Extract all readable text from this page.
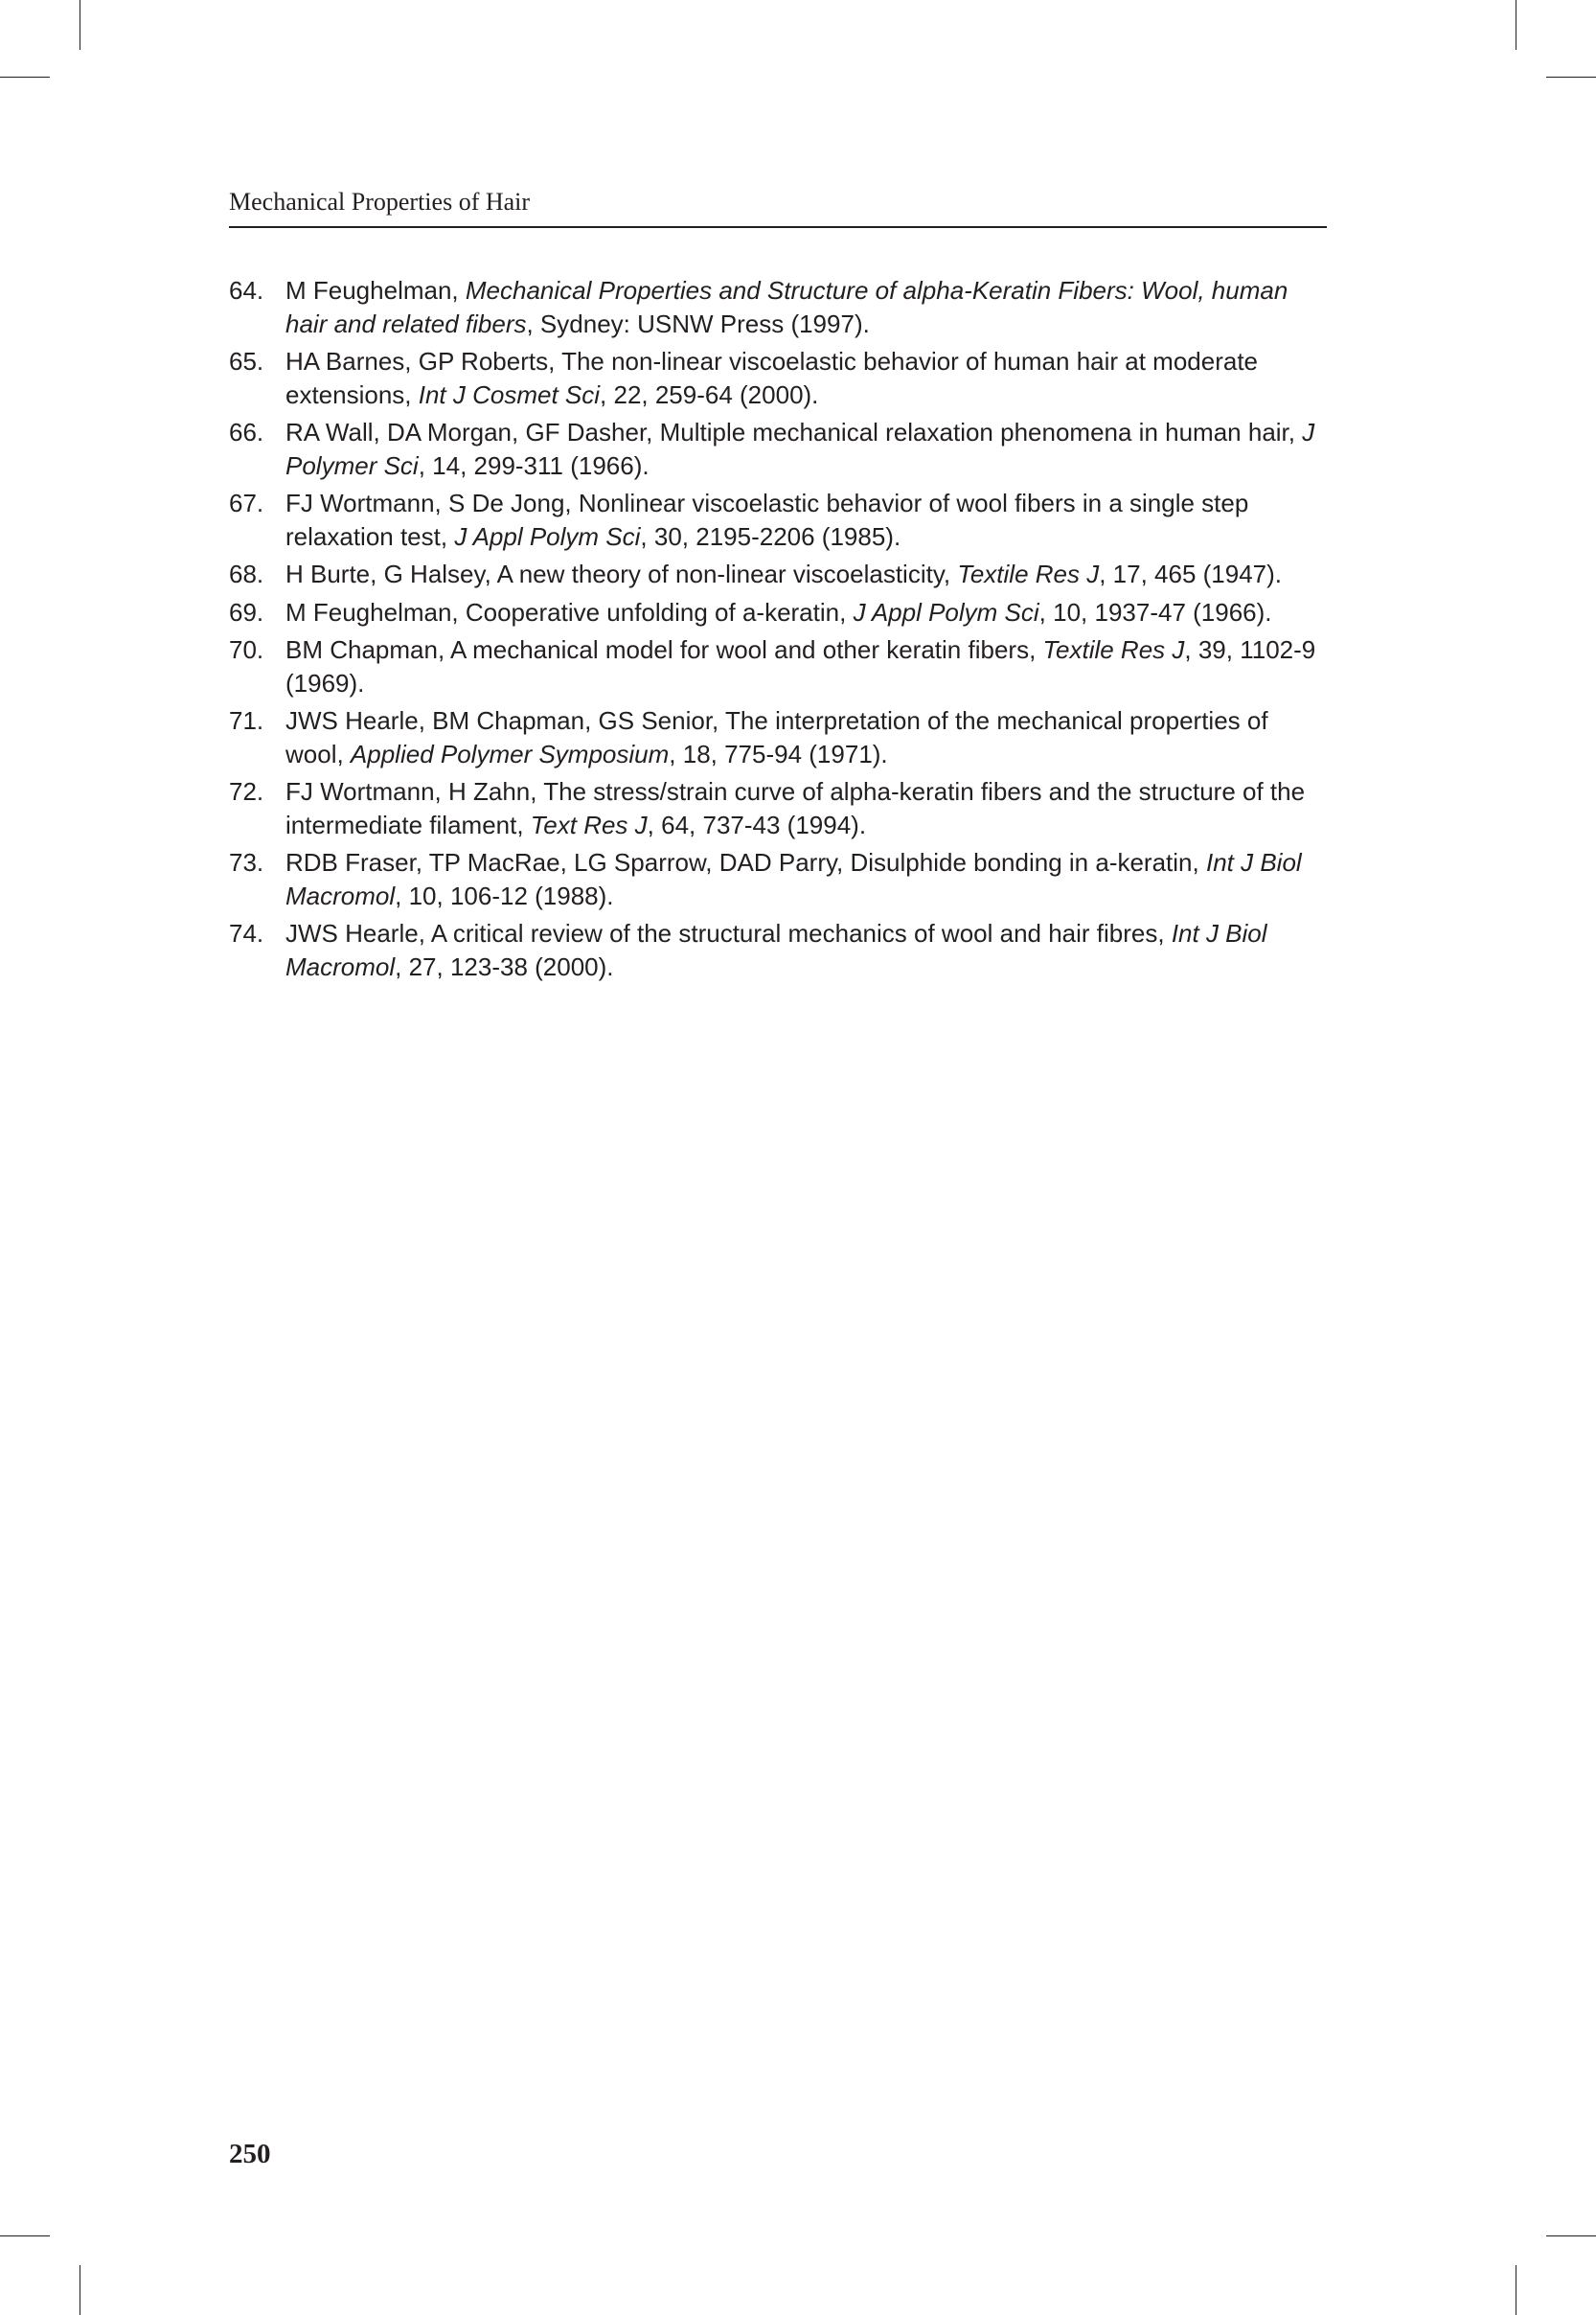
Mechanical Properties of Hair
64. M Feughelman, Mechanical Properties and Structure of alpha-Keratin Fibers: Wool, human hair and related fibers, Sydney: USNW Press (1997).
65. HA Barnes, GP Roberts, The non-linear viscoelastic behavior of human hair at moderate extensions, Int J Cosmet Sci, 22, 259-64 (2000).
66. RA Wall, DA Morgan, GF Dasher, Multiple mechanical relaxation phenomena in human hair, J Polymer Sci, 14, 299-311 (1966).
67. FJ Wortmann, S De Jong, Nonlinear viscoelastic behavior of wool fibers in a single step relaxation test, J Appl Polym Sci, 30, 2195-2206 (1985).
68. H Burte, G Halsey, A new theory of non-linear viscoelasticity, Textile Res J, 17, 465 (1947).
69. M Feughelman, Cooperative unfolding of a-keratin, J Appl Polym Sci, 10, 1937-47 (1966).
70. BM Chapman, A mechanical model for wool and other keratin fibers, Textile Res J, 39, 1102-9 (1969).
71. JWS Hearle, BM Chapman, GS Senior, The interpretation of the mechanical properties of wool, Applied Polymer Symposium, 18, 775-94 (1971).
72. FJ Wortmann, H Zahn, The stress/strain curve of alpha-keratin fibers and the structure of the intermediate filament, Text Res J, 64, 737-43 (1994).
73. RDB Fraser, TP MacRae, LG Sparrow, DAD Parry, Disulphide bonding in a-keratin, Int J Biol Macromol, 10, 106-12 (1988).
74. JWS Hearle, A critical review of the structural mechanics of wool and hair fibres, Int J Biol Macromol, 27, 123-38 (2000).
250
